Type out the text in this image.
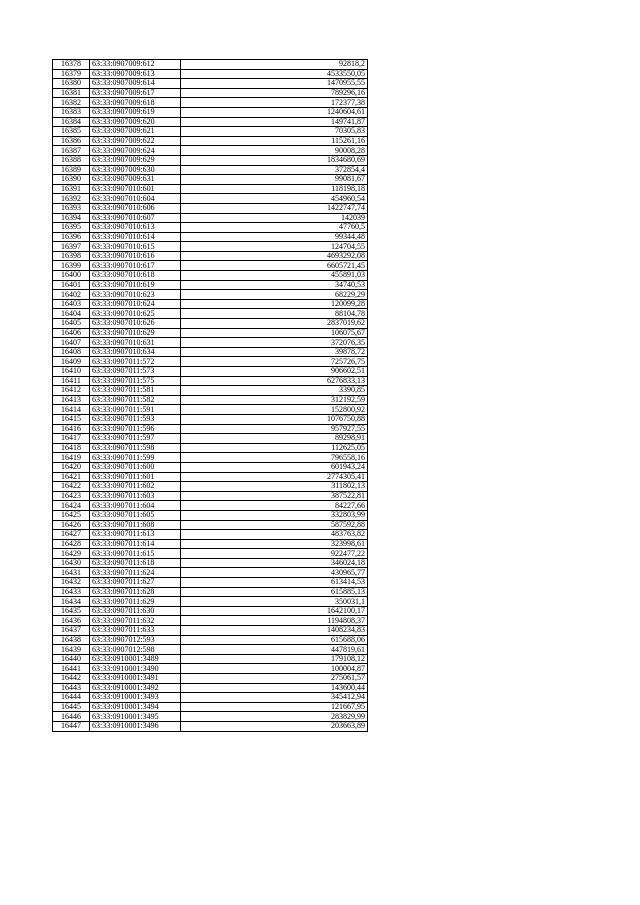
16378	63:33:0907009:612	92818,2
16379	63:33:0907009:613	4533550,05
16380	63:33:0907009:614	1470955,55
16381	63:33:0907009:617	789296,16
16382	63:33:0907009:618	172377,38
16383	63:33:0907009:619	1240604,61
16384	63:33:0907009:620	149741,87
16385	63:33:0907009:621	70305,83
16386	63:33:0907009:622	115261,16
16387	63:33:0907009:624	90008,28
16388	63:33:0907009:629	1834680,69
16389	63:33:0907009:630	372854,4
16390	63:33:0907009:631	99081,67
16391	63:33:0907010:601	118198,18
16392	63:33:0907010:604	454960,54
16393	63:33:0907010:606	1422747,74
16394	63:33:0907010:607	142039
16395	63:33:0907010:613	47760,5
16396	63:33:0907010:614	99344,48
16397	63:33:0907010:615	124704,55
16398	63:33:0907010:616	4693292,08
16399	63:33:0907010:617	6605721,45
16400	63:33:0907010:618	455891,03
16401	63:33:0907010:619	34740,53
16402	63:33:0907010:623	68229,29
16403	63:33:0907010:624	120099,28
16404	63:33:0907010:625	88104,78
16405	63:33:0907010:626	2837019,62
16406	63:33:0907010:629	106075,67
16407	63:33:0907010:631	372076,35
16408	63:33:0907010:634	39878,72
16409	63:33:0907011:572	725726,75
16410	63:33:0907011:573	906602,51
16411	63:33:0907011:575	6276833,13
16412	63:33:0907011:581	3390,85
16413	63:33:0907011:582	312192,59
16414	63:33:0907011:591	152800,92
16415	63:33:0907011:593	1076750,88
16416	63:33:0907011:596	957927,55
16417	63:33:0907011:597	89298,91
16418	63:33:0907011:598	112625,05
16419	63:33:0907011:599	796558,16
16420	63:33:0907011:600	601943,24
16421	63:33:0907011:601	2774305,41
16422	63:33:0907011:602	311802,13
16423	63:33:0907011:603	387522,81
16424	63:33:0907011:604	84227,66
16425	63:33:0907011:605	332803,99
16426	63:33:0907011:608	587592,88
16427	63:33:0907011:613	483763,82
16428	63:33:0907011:614	323998,61
16429	63:33:0907011:615	922477,22
16430	63:33:0907011:618	346024,18
16431	63:33:0907011:624	430965,77
16432	63:33:0907011:627	613414,53
16433	63:33:0907011:628	615885,13
16434	63:33:0907011:629	350031,1
16435	63:33:0907011:630	1642100,17
16436	63:33:0907011:632	1194808,37
16437	63:33:0907011:633	1408234,83
16438	63:33:0907012:593	615688,06
16439	63:33:0907012:598	447819,61
16440	63:33:0910001:3489	179108,12
16441	63:33:0910001:3490	100004,87
16442	63:33:0910001:3491	275061,57
16443	63:33:0910001:3492	143600,44
16444	63:33:0910001:3493	345412,94
16445	63:33:0910001:3494	121667,95
16446	63:33:0910001:3495	283829,99
16447	63:33:0910001:3496	203663,89
